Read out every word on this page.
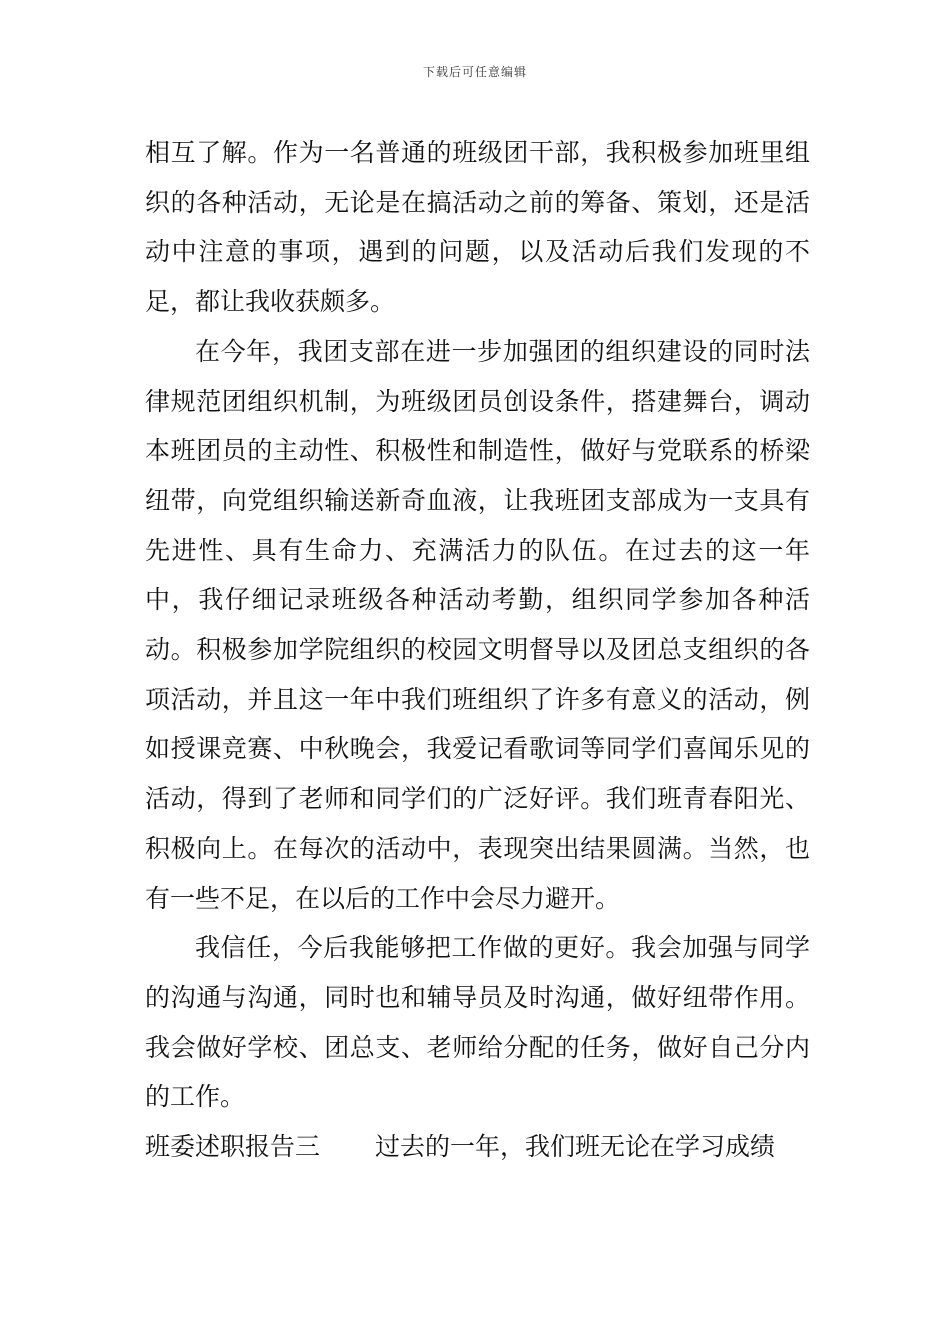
下载后可任意编辑

相互了解。作为一名普通的班级团干部，我积极参加班里组织的各种活动，无论是在搞活动之前的筹备、策划，还是活动中注意的事项，遇到的问题，以及活动后我们发现的不足，都让我收获颇多。

在今年，我团支部在进一步加强团的组织建设的同时法律规范团组织机制，为班级团员创设条件，搭建舞台，调动本班团员的主动性、积极性和制造性，做好与党联系的桥梁纽带，向党组织输送新奇血液，让我班团支部成为一支具有先进性、具有生命力、充满活力的队伍。在过去的这一年中，我仔细记录班级各种活动考勤，组织同学参加各种活动。积极参加学院组织的校园文明督导以及团总支组织的各项活动，并且这一年中我们班组织了许多有意义的活动，例如授课竞赛、中秋晚会，我爱记看歌词等同学们喜闻乐见的活动，得到了老师和同学们的广泛好评。我们班青春阳光、积极向上。在每次的活动中，表现突出结果圆满。当然，也有一些不足，在以后的工作中会尽力避开。

我信任，今后我能够把工作做的更好。我会加强与同学的沟通与沟通，同时也和辅导员及时沟通，做好纽带作用。我会做好学校、团总支、老师给分配的任务，做好自己分内的工作。

班委述职报告三 过去的一年，我们班无论在学习成绩
